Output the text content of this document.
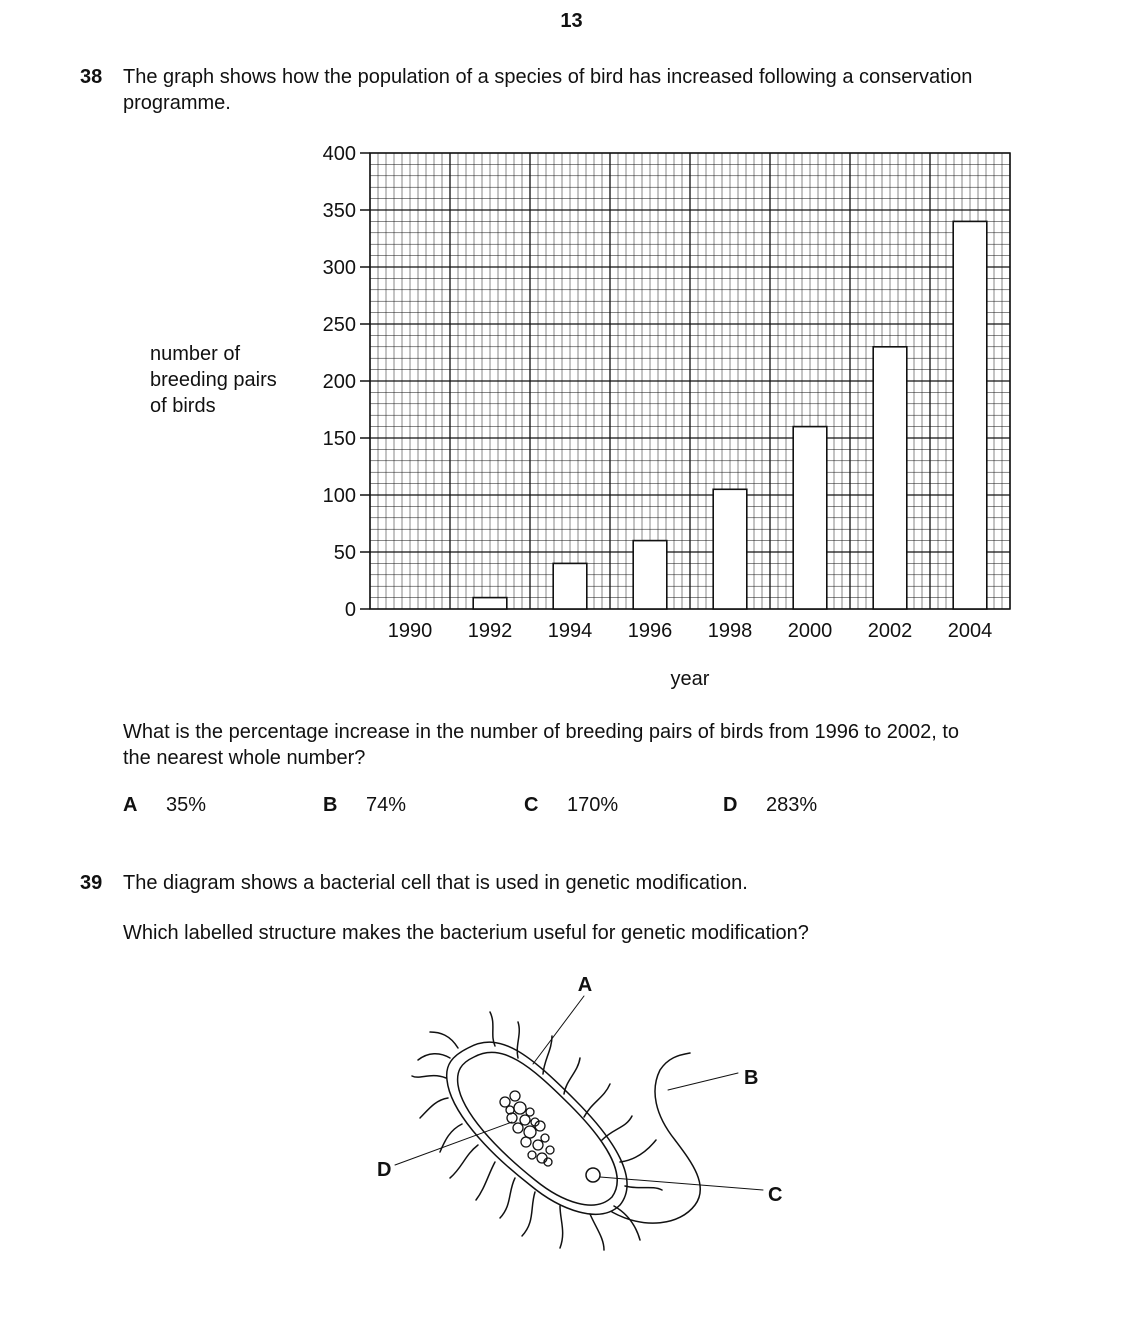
13
38 The graph shows how the population of a species of bird has increased following a conservation
programme.
number of
breeding pairs
of birds
0
50
100
150
200
250
300
350
400
1990 1992 1994 1996 1998 2000 2002 2004
year
What is the percentage increase in the number of breeding pairs of birds from 1996 to 2002, to
the nearest whole number?
A 35%	B 74%	C 170%	D 283%
39 The diagram shows a bacterial cell that is used in genetic modification.
Which labelled structure makes the bacterium useful for genetic modification?
A
B
C
D
